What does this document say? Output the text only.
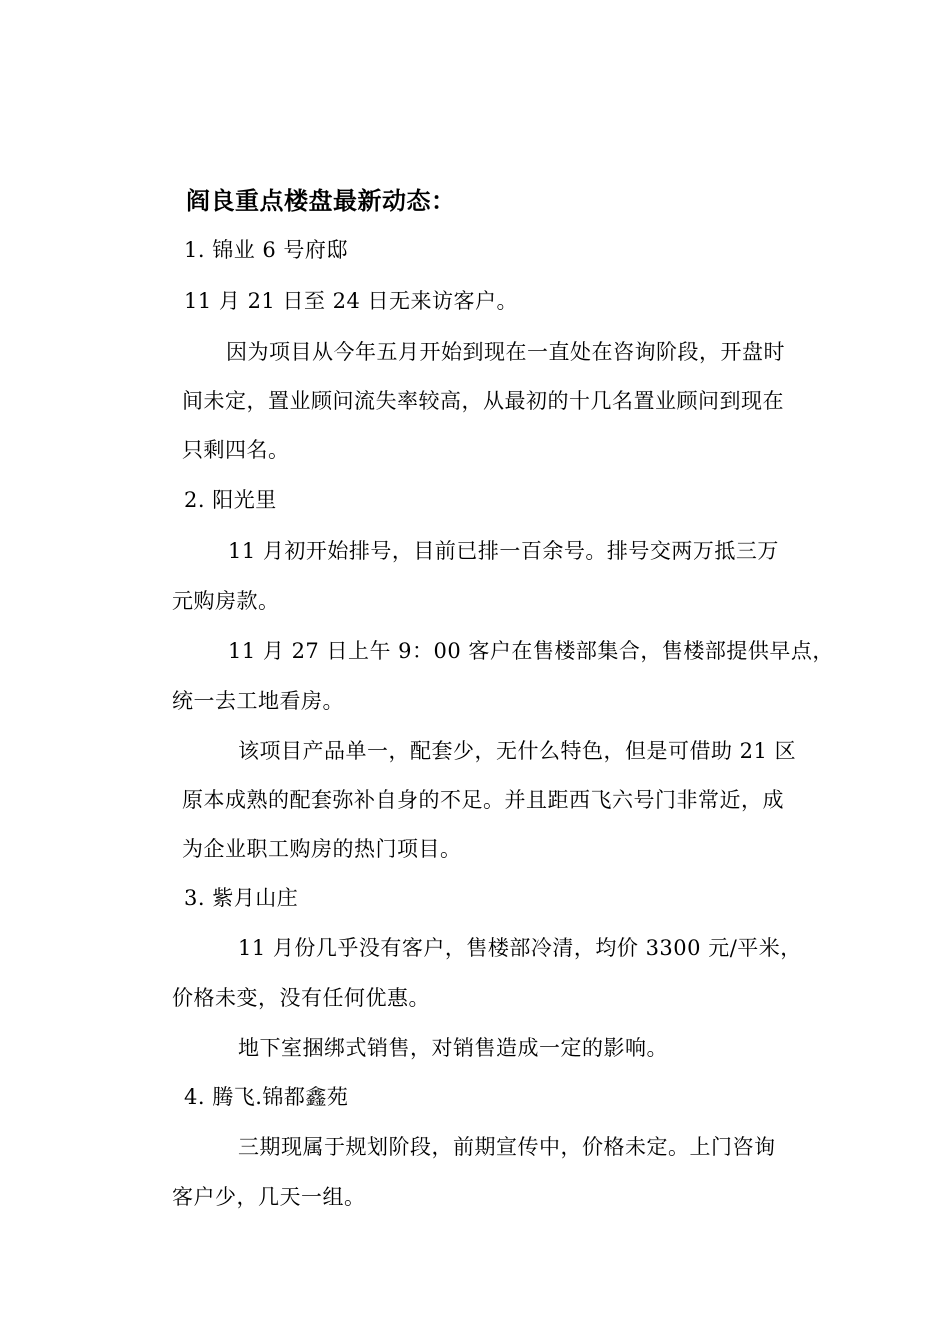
阎良重点楼盘最新动态：
1. 锦业 6 号府邸
11 月 21 日至 24 日无来访客户。
因为项目从今年五月开始到现在一直处在咨询阶段，开盘时
间未定，置业顾问流失率较高，从最初的十几名置业顾问到现在
只剩四名。
2. 阳光里
11 月初开始排号，目前已排一百余号。排号交两万抵三万
元购房款。
11 月 27 日上午 9：00 客户在售楼部集合，售楼部提供早点，
统一去工地看房。
该项目产品单一，配套少，无什么特色，但是可借助 21 区
原本成熟的配套弥补自身的不足。并且距西飞六号门非常近，成
为企业职工购房的热门项目。
3. 紫月山庄
11 月份几乎没有客户，售楼部冷清，均价 3300 元/平米，
价格未变，没有任何优惠。
地下室捆绑式销售，对销售造成一定的影响。
4. 腾飞.锦都鑫苑
三期现属于规划阶段，前期宣传中，价格未定。上门咨询
客户少，几天一组。
